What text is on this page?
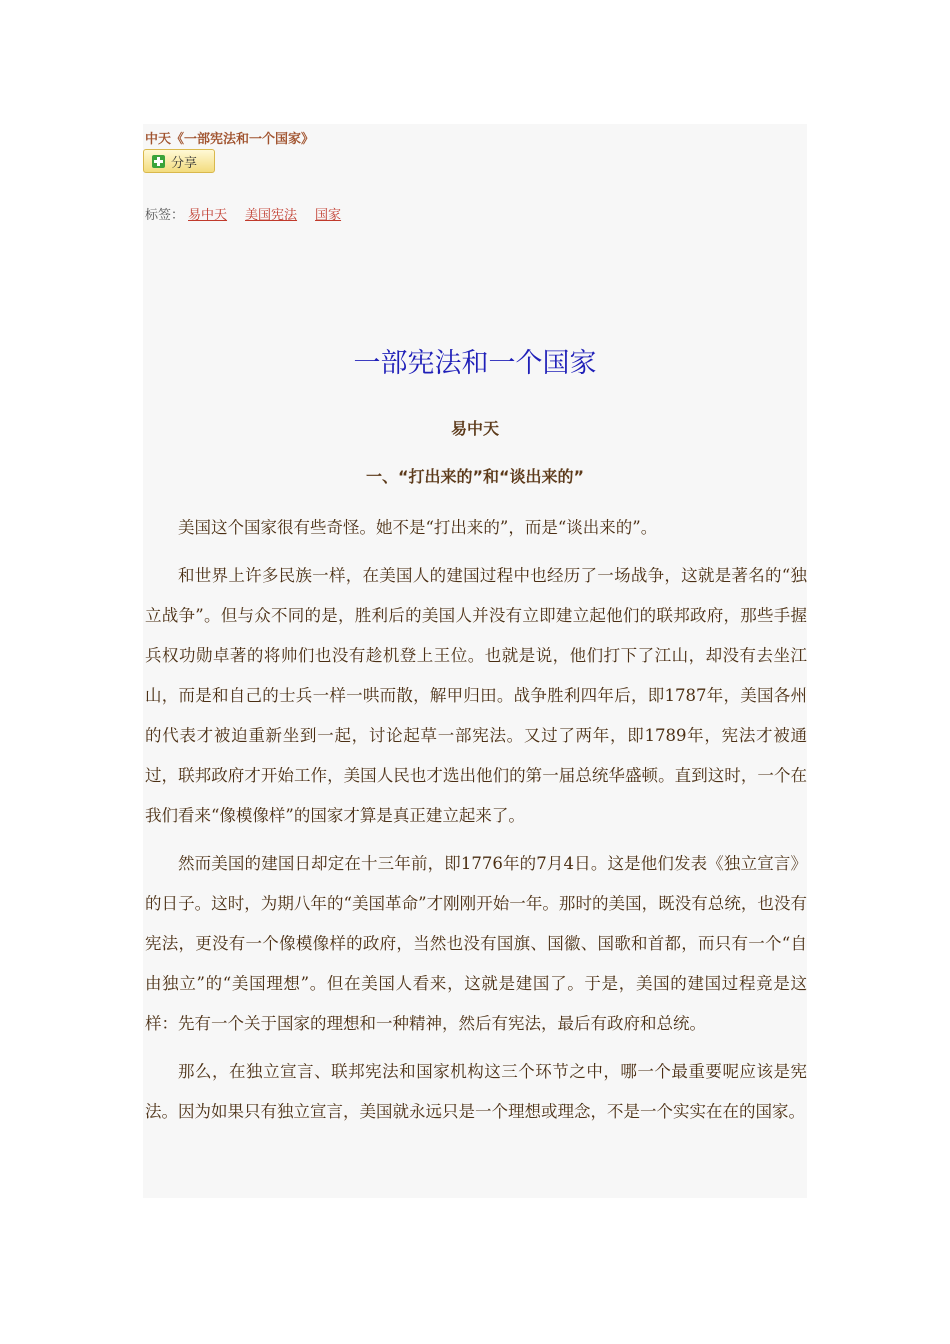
中天《一部宪法和一个国家》
分享
标签： 易中天 美国宪法 国家
一部宪法和一个国家
易中天
一、“打出来的”和“谈出来的”

美国这个国家很有些奇怪。她不是“打出来的”，而是“谈出来的”。

和世界上许多民族一样，在美国人的建国过程中也经历了一场战争，这就是著名的“独立战争”。但与众不同的是，胜利后的美国人并没有立即建立起他们的联邦政府，那些手握兵权功勋卓著的将帅们也没有趁机登上王位。也就是说，他们打下了江山，却没有去坐江山，而是和自己的士兵一样一哄而散，解甲归田。战争胜利四年后，即1787年，美国各州的代表才被迫重新坐到一起，讨论起草一部宪法。又过了两年，即1789年，宪法才被通过，联邦政府才开始工作，美国人民也才选出他们的第一届总统华盛顿。直到这时，一个在我们看来“像模像样”的国家才算是真正建立起来了。

然而美国的建国日却定在十三年前，即1776年的7月4日。这是他们发表《独立宣言》的日子。这时，为期八年的“美国革命”才刚刚开始一年。那时的美国，既没有总统，也没有宪法，更没有一个像模像样的政府，当然也没有国旗、国徽、国歌和首都，而只有一个“自由独立”的“美国理想”。但在美国人看来，这就是建国了。于是，美国的建国过程竟是这样：先有一个关于国家的理想和一种精神，然后有宪法，最后有政府和总统。

那么，在独立宣言、联邦宪法和国家机构这三个环节之中，哪一个最重要呢应该是宪法。因为如果只有独立宣言，美国就永远只是一个理想或理念，不是一个实实在在的国家。
